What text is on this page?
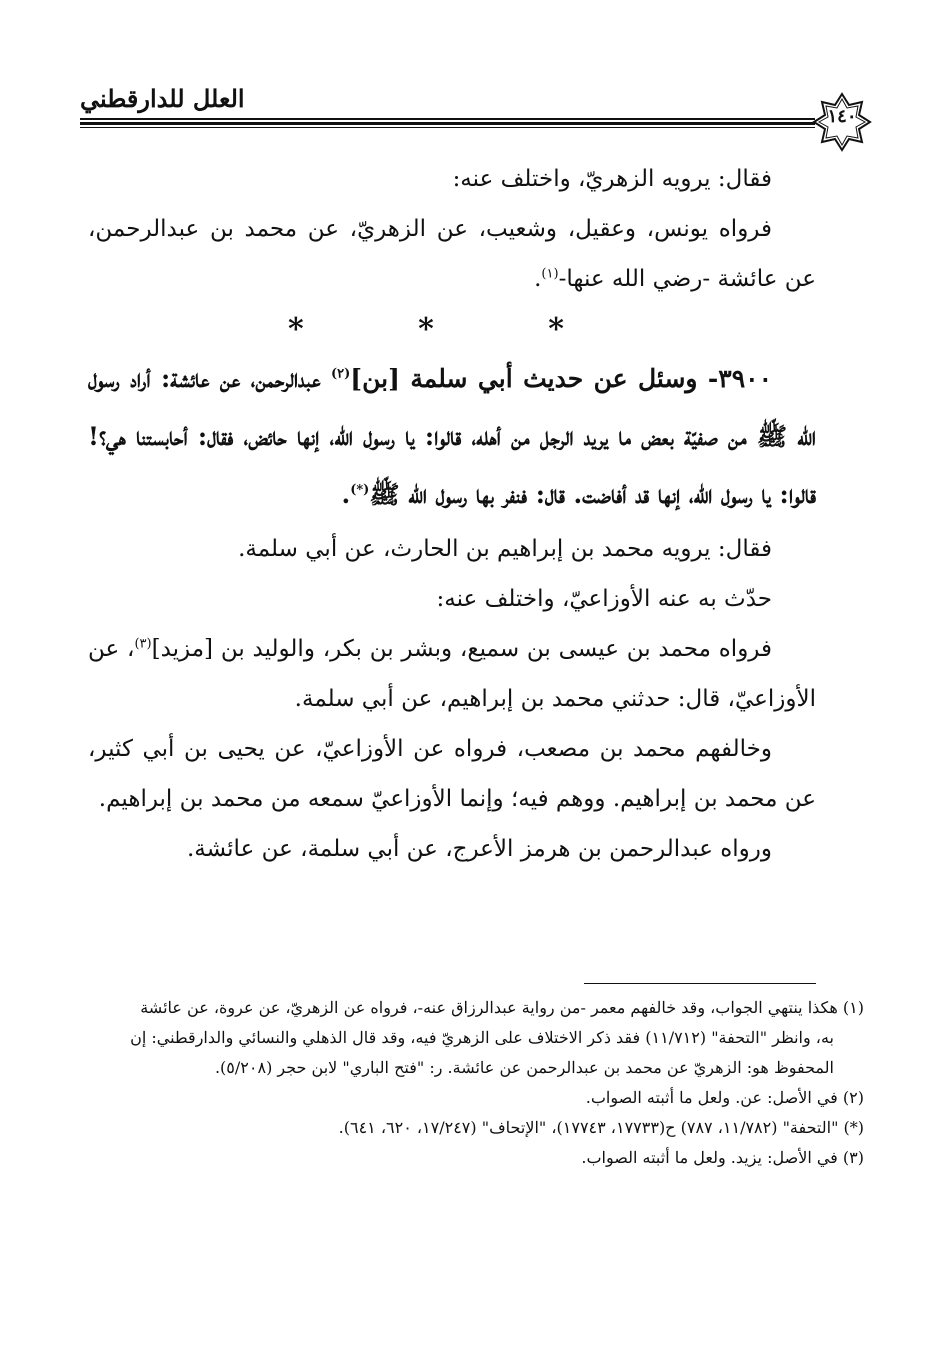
العلل للدارقطني
١٤٠

فقال: يرويه الزهريّ، واختلف عنه:

فرواه يونس، وعقيل، وشعيب، عن الزهريّ، عن محمد بن عبدالرحمن، عن عائشة -رضي الله عنها-$^{(١)}$.

* * *

٣٩٠٠- وسئل عن حديث أبي سلمة [بن]$^{(٢)}$ عبدالرحمن، عن عائشة: أراد رسول الله ﷺ من صفيّة بعض ما يريد الرجل من أهله، قالوا: يا رسول الله، إنها حائض، فقال: أحابستنا هي؟! قالوا: يا رسول الله، إنها قد أفاضت. قال: فنفر بها رسول الله ﷺ(*).

فقال: يرويه محمد بن إبراهيم بن الحارث، عن أبي سلمة.

حدّث به عنه الأوزاعيّ، واختلف عنه:

فرواه محمد بن عيسى بن سميع، وبشر بن بكر، والوليد بن [مزيد]$^{(٣)}$، عن الأوزاعيّ، قال: حدثني محمد بن إبراهيم، عن أبي سلمة.

وخالفهم محمد بن مصعب، فرواه عن الأوزاعيّ، عن يحيى بن أبي كثير، عن محمد بن إبراهيم. ووهم فيه؛ وإنما الأوزاعيّ سمعه من محمد بن إبراهيم.

ورواه عبدالرحمن بن هرمز الأعرج، عن أبي سلمة، عن عائشة.

(١) هكذا ينتهي الجواب، وقد خالفهم معمر -من رواية عبدالرزاق عنه-، فرواه عن الزهريّ، عن عروة، عن عائشة

به، وانظر "التحفة" (١١/٧١٢) فقد ذكر الاختلاف على الزهريّ فيه، وقد قال الذهلي والنسائي والدارقطني: إن

المحفوظ هو: الزهريّ عن محمد بن عبدالرحمن عن عائشة. ر: "فتح الباري" لابن حجر (٥/٢٠٨).

(٢) في الأصل: عن. ولعل ما أثبته الصواب.

(*) "التحفة" (١١/٧٨٢، ٧٨٧) ح(١٧٧٣٣، ١٧٧٤٣)، "الإتحاف" (١٧/٢٤٧، ٦٢٠، ٦٤١).

(٣) في الأصل: يزيد. ولعل ما أثبته الصواب.
